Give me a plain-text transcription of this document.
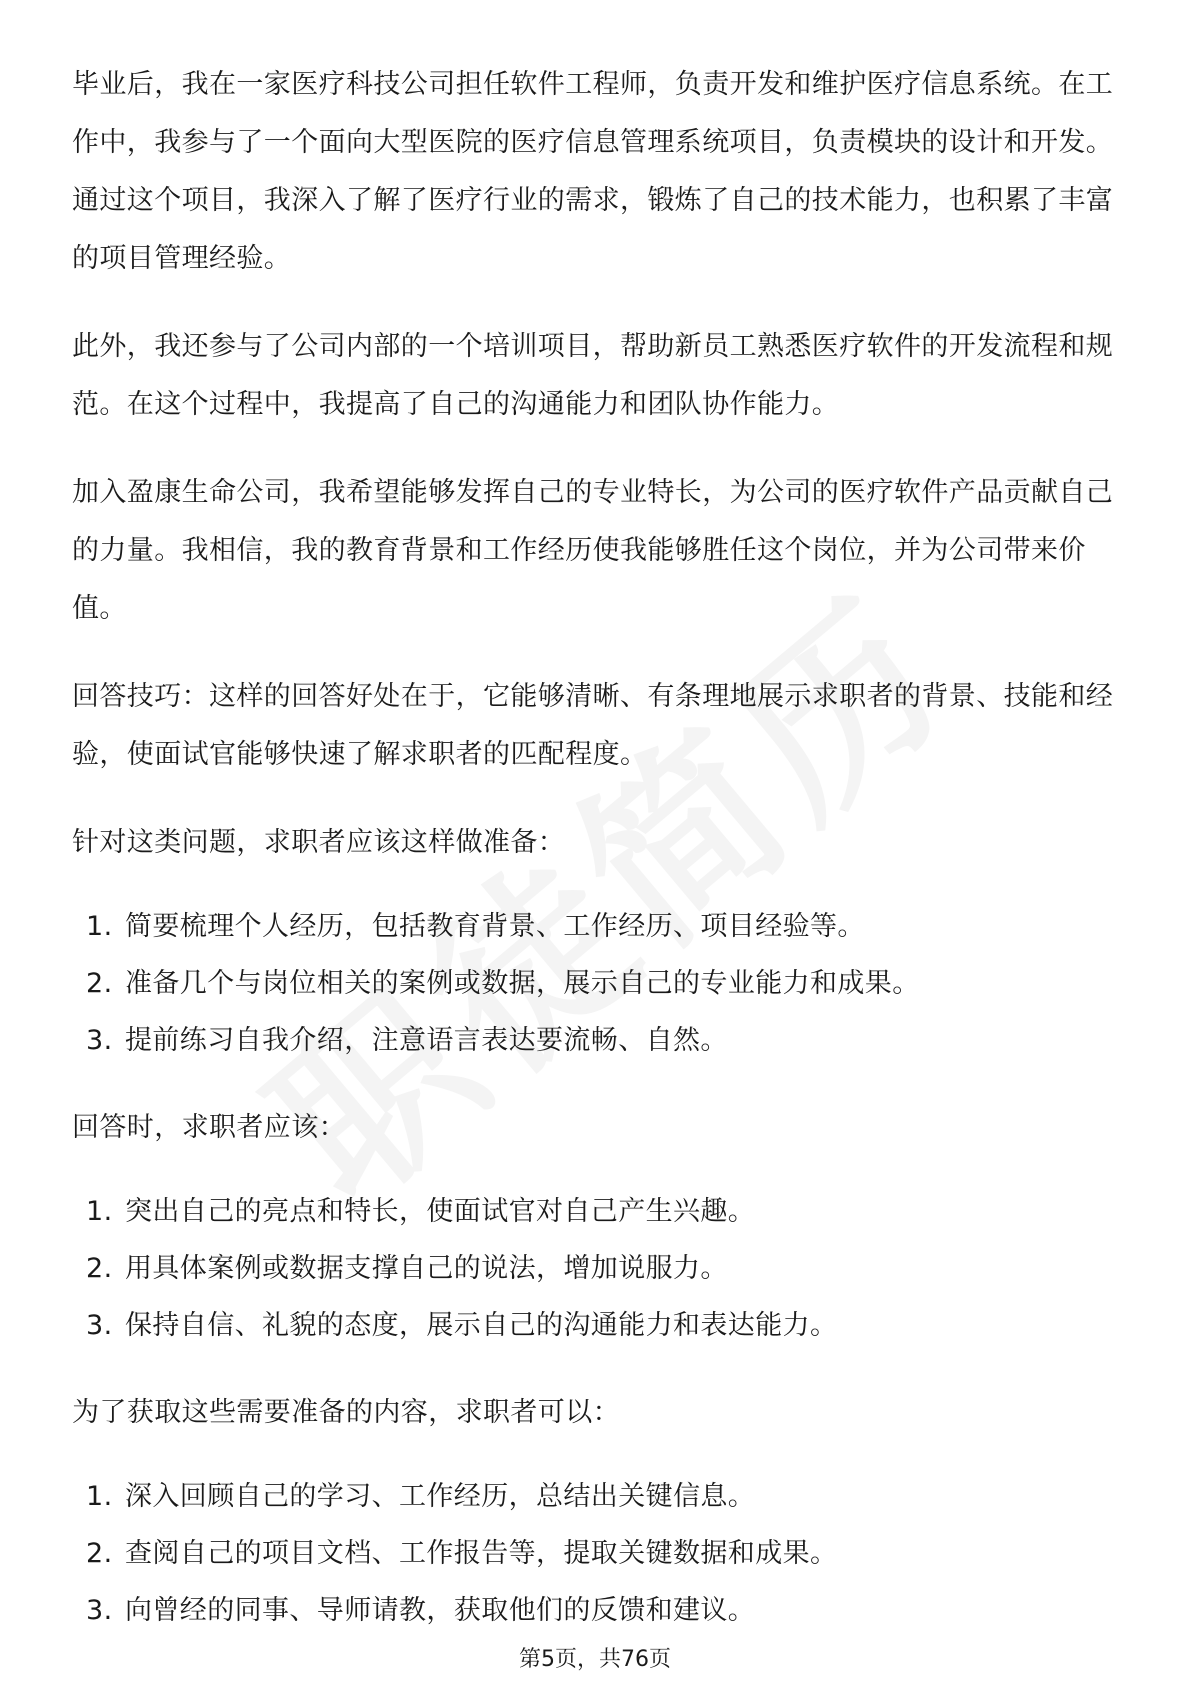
毕业后，我在一家医疗科技公司担任软件工程师，负责开发和维护医疗信息系统。在工作中，我参与了一个面向大型医院的医疗信息管理系统项目，负责模块的设计和开发。通过这个项目，我深入了解了医疗行业的需求，锻炼了自己的技术能力，也积累了丰富的项目管理经验。

此外，我还参与了公司内部的一个培训项目，帮助新员工熟悉医疗软件的开发流程和规范。在这个过程中，我提高了自己的沟通能力和团队协作能力。

加入盈康生命公司，我希望能够发挥自己的专业特长，为公司的医疗软件产品贡献自己的力量。我相信，我的教育背景和工作经历使我能够胜任这个岗位，并为公司带来价值。

回答技巧：这样的回答好处在于，它能够清晰、有条理地展示求职者的背景、技能和经验，使面试官能够快速了解求职者的匹配程度。

针对这类问题，求职者应该这样做准备：

1. 简要梳理个人经历，包括教育背景、工作经历、项目经验等。
2. 准备几个与岗位相关的案例或数据，展示自己的专业能力和成果。
3. 提前练习自我介绍，注意语言表达要流畅、自然。

回答时，求职者应该：

1. 突出自己的亮点和特长，使面试官对自己产生兴趣。
2. 用具体案例或数据支撑自己的说法，增加说服力。
3. 保持自信、礼貌的态度，展示自己的沟通能力和表达能力。

为了获取这些需要准备的内容，求职者可以：

1. 深入回顾自己的学习、工作经历，总结出关键信息。
2. 查阅自己的项目文档、工作报告等，提取关键数据和成果。
3. 向曾经的同事、导师请教，获取他们的反馈和建议。
第5页，共76页
